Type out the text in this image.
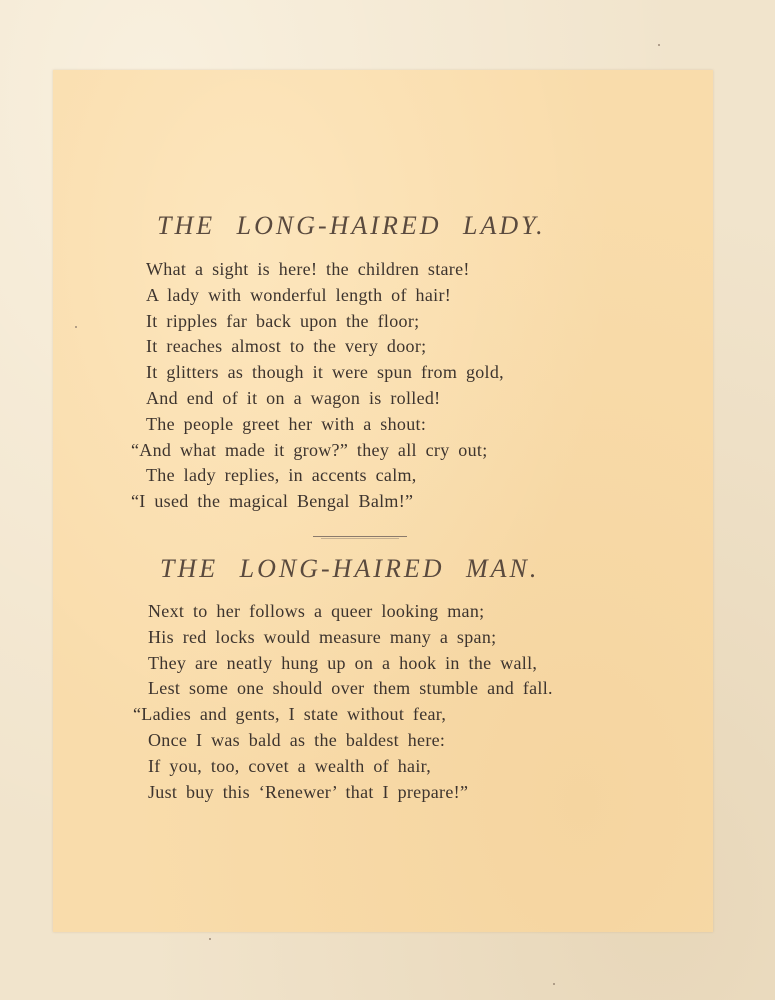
THE LONG-HAIRED LADY.
What a sight is here! the children stare!
A lady with wonderful length of hair!
It ripples far back upon the floor;
It reaches almost to the very door;
It glitters as though it were spun from gold,
And end of it on a wagon is rolled!
The people greet her with a shout:
“And what made it grow?” they all cry out;
The lady replies, in accents calm,
“I used the magical Bengal Balm!”
THE LONG-HAIRED MAN.
Next to her follows a queer looking man;
His red locks would measure many a span;
They are neatly hung up on a hook in the wall,
Lest some one should over them stumble and fall.
“Ladies and gents, I state without fear,
Once I was bald as the baldest here:
If you, too, covet a wealth of hair,
Just buy this ‘Renewer’ that I prepare!”
